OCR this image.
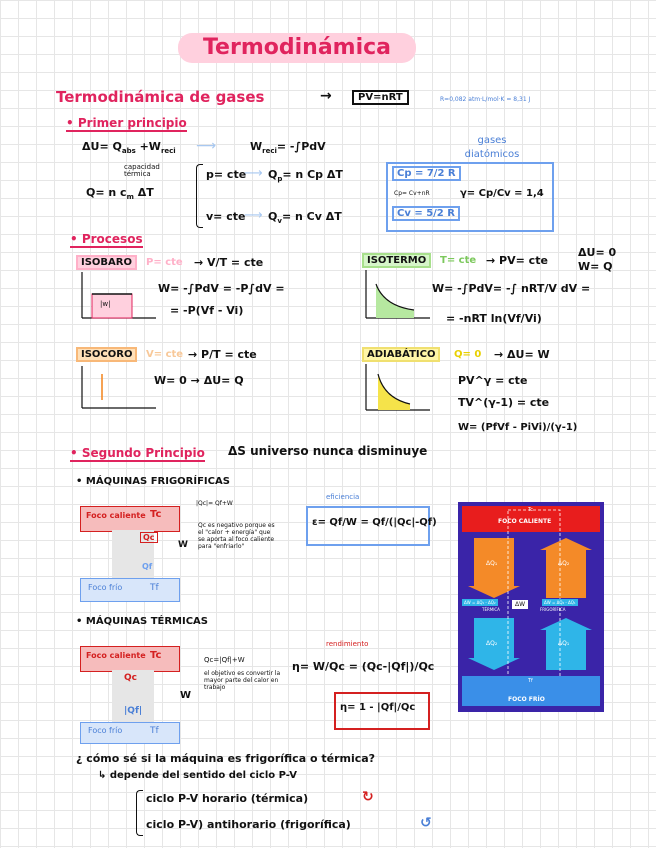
Termodinámica
Termodinámica de gases	→	PV=nRT	R=0,082 atm·L/mol·K = 8,31 J
• Primer principio
gases diatómicos
$\Delta U= Q_{abs} +W_{reci}$ ⟶	$W_{reci}= -\int PdV$
capacidad térmica
Q= n $c_m$ ΔT
p= cte
⟶ $Q_p= n$ Cp ΔT
v= cte
⟶ $Q_v= n$ Cv ΔT
Cp = 7/2 R
Cp= Cv+nR
Cv = 5/2 R
γ= Cp/Cv = 1,4
• Procesos
ISOBARO	P= cte → V/T = cte
|w|
W= -∫PdV = -P∫dV =
= -P(Vf - Vi)
ISOTERMO	T= cte → PV= cte
ΔU= 0
W= Q
W= -∫PdV= -∫ nRT/V dV =
= -nRT ln(Vf/Vi)
ISOCORO	V= cte → P/T = cte
W= 0 → ΔU= Q
ADIABÁTICO	Q= 0 → ΔU= W
PV^γ = cte
TV^(γ-1) = cte
W= (PfVf - PiVi)/(γ-1)
• Segundo Principio ΔS universo nunca disminuye
• MÁQUINAS FRIGORÍFICAS
Foco caliente Tc
Qc
W
Qf
Foco frío	Tf
|Qc|= Qf+W
Qc es negativo porque es el "calor + energía" que se aporta al foco caliente para "enfriarlo"
eficiencia
ε= Qf/W = Qf/(|Qc|-Qf)
• MÁQUINAS TÉRMICAS
Foco caliente Tc
Qc
W
|Qf|
Foco frío	Tf
Qc=|Qf|+W
el objetivo es convertir la mayor parte del calor en trabajo
rendimiento
η= W/Qc = (Qc-|Qf|)/Qc
η= 1 - |Qf|/Qc
Tc
FOCO CALIENTE
ΔQ₁	ΔQ₂
ΔW = ΔQ₁ - ΔQ₂
TÉRMICA
ΔW	ΔW = ΔQ₂ - ΔQ₁
FRIGORÍFICA
ΔQ₂	ΔQ₁
Tf
FOCO FRÍO
¿ cómo sé si la máquina es frigorífica o térmica?
↳ depende del sentido del ciclo P-V
ciclo P-V horario (térmica)	↻
ciclo P-V) antihorario (frigorífica)	↺
